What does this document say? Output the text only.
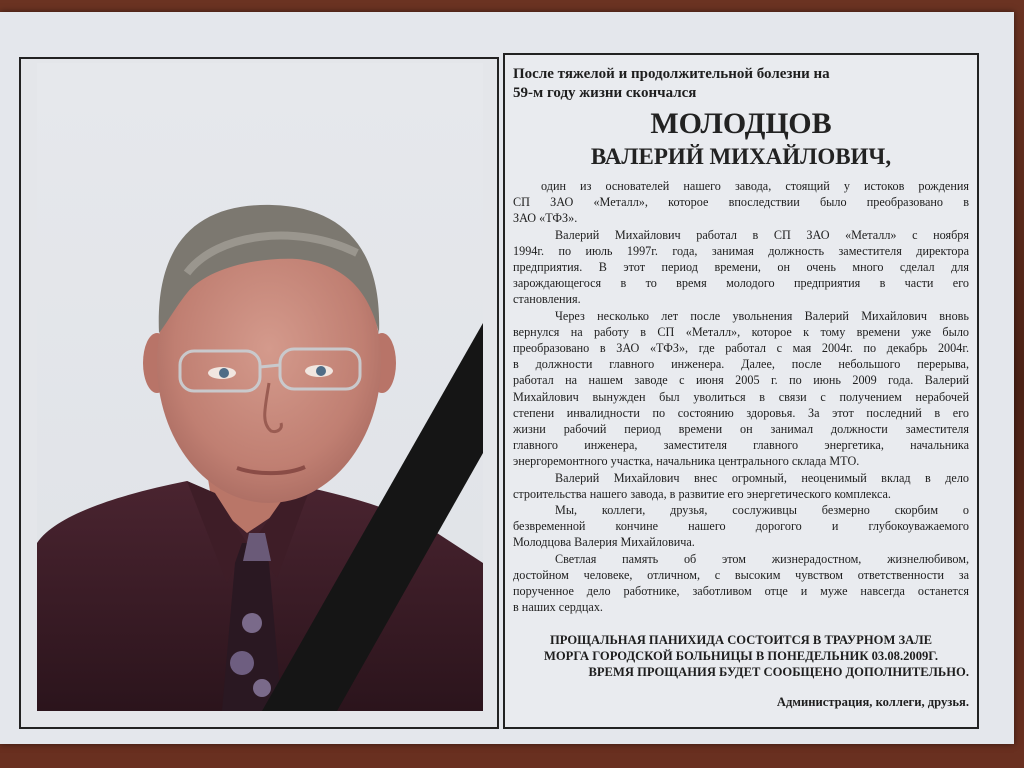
После тяжелой и продолжительной болезни на
59-м году жизни скончался
МОЛОДЦОВ
ВАЛЕРИЙ МИХАЙЛОВИЧ,
один из основателей нашего завода, стоящий у истоков рождения
СП ЗАО «Металл», которое впоследствии было преобразовано в
ЗАО «ТФЗ».
Валерий Михайлович работал в СП ЗАО «Металл» с ноября
1994г. по июль 1997г. года, занимая должность заместителя директора
предприятия. В этот период времени, он очень много сделал для
зарождающегося в то время молодого предприятия в части его
становления.
Через несколько лет после увольнения Валерий Михайлович вновь
вернулся на работу в СП «Металл», которое к тому времени уже было
преобразовано в ЗАО «ТФЗ», где работал с мая 2004г. по декабрь 2004г.
в должности главного инженера. Далее, после небольшого перерыва,
работал на нашем заводе с июня 2005 г. по июнь 2009 года. Валерий
Михайлович вынужден был уволиться в связи с получением нерабочей
степени инвалидности по состоянию здоровья. За этот последний в его
жизни рабочий период времени он занимал должности заместителя
главного инженера, заместителя главного энергетика, начальника
энергоремонтного участка, начальника центрального склада МТО.
Валерий Михайлович внес огромный, неоценимый вклад в дело
строительства нашего завода, в развитие его энергетического комплекса.
Мы, коллеги, друзья, сослуживцы безмерно скорбим о
безвременной кончине нашего дорогого и глубокоуважаемого
Молодцова Валерия Михайловича.
Светлая память об этом жизнерадостном, жизнелюбивом,
достойном человеке, отличном, с высоким чувством ответственности за
порученное дело работнике, заботливом отце и муже навсегда останется
в наших сердцах.
ПРОЩАЛЬНАЯ ПАНИХИДА СОСТОИТСЯ В ТРАУРНОМ ЗАЛЕ
МОРГА ГОРОДСКОЙ БОЛЬНИЦЫ В ПОНЕДЕЛЬНИК 03.08.2009Г.
ВРЕМЯ ПРОЩАНИЯ БУДЕТ СООБЩЕНО ДОПОЛНИТЕЛЬНО.
Администрация, коллеги, друзья.
